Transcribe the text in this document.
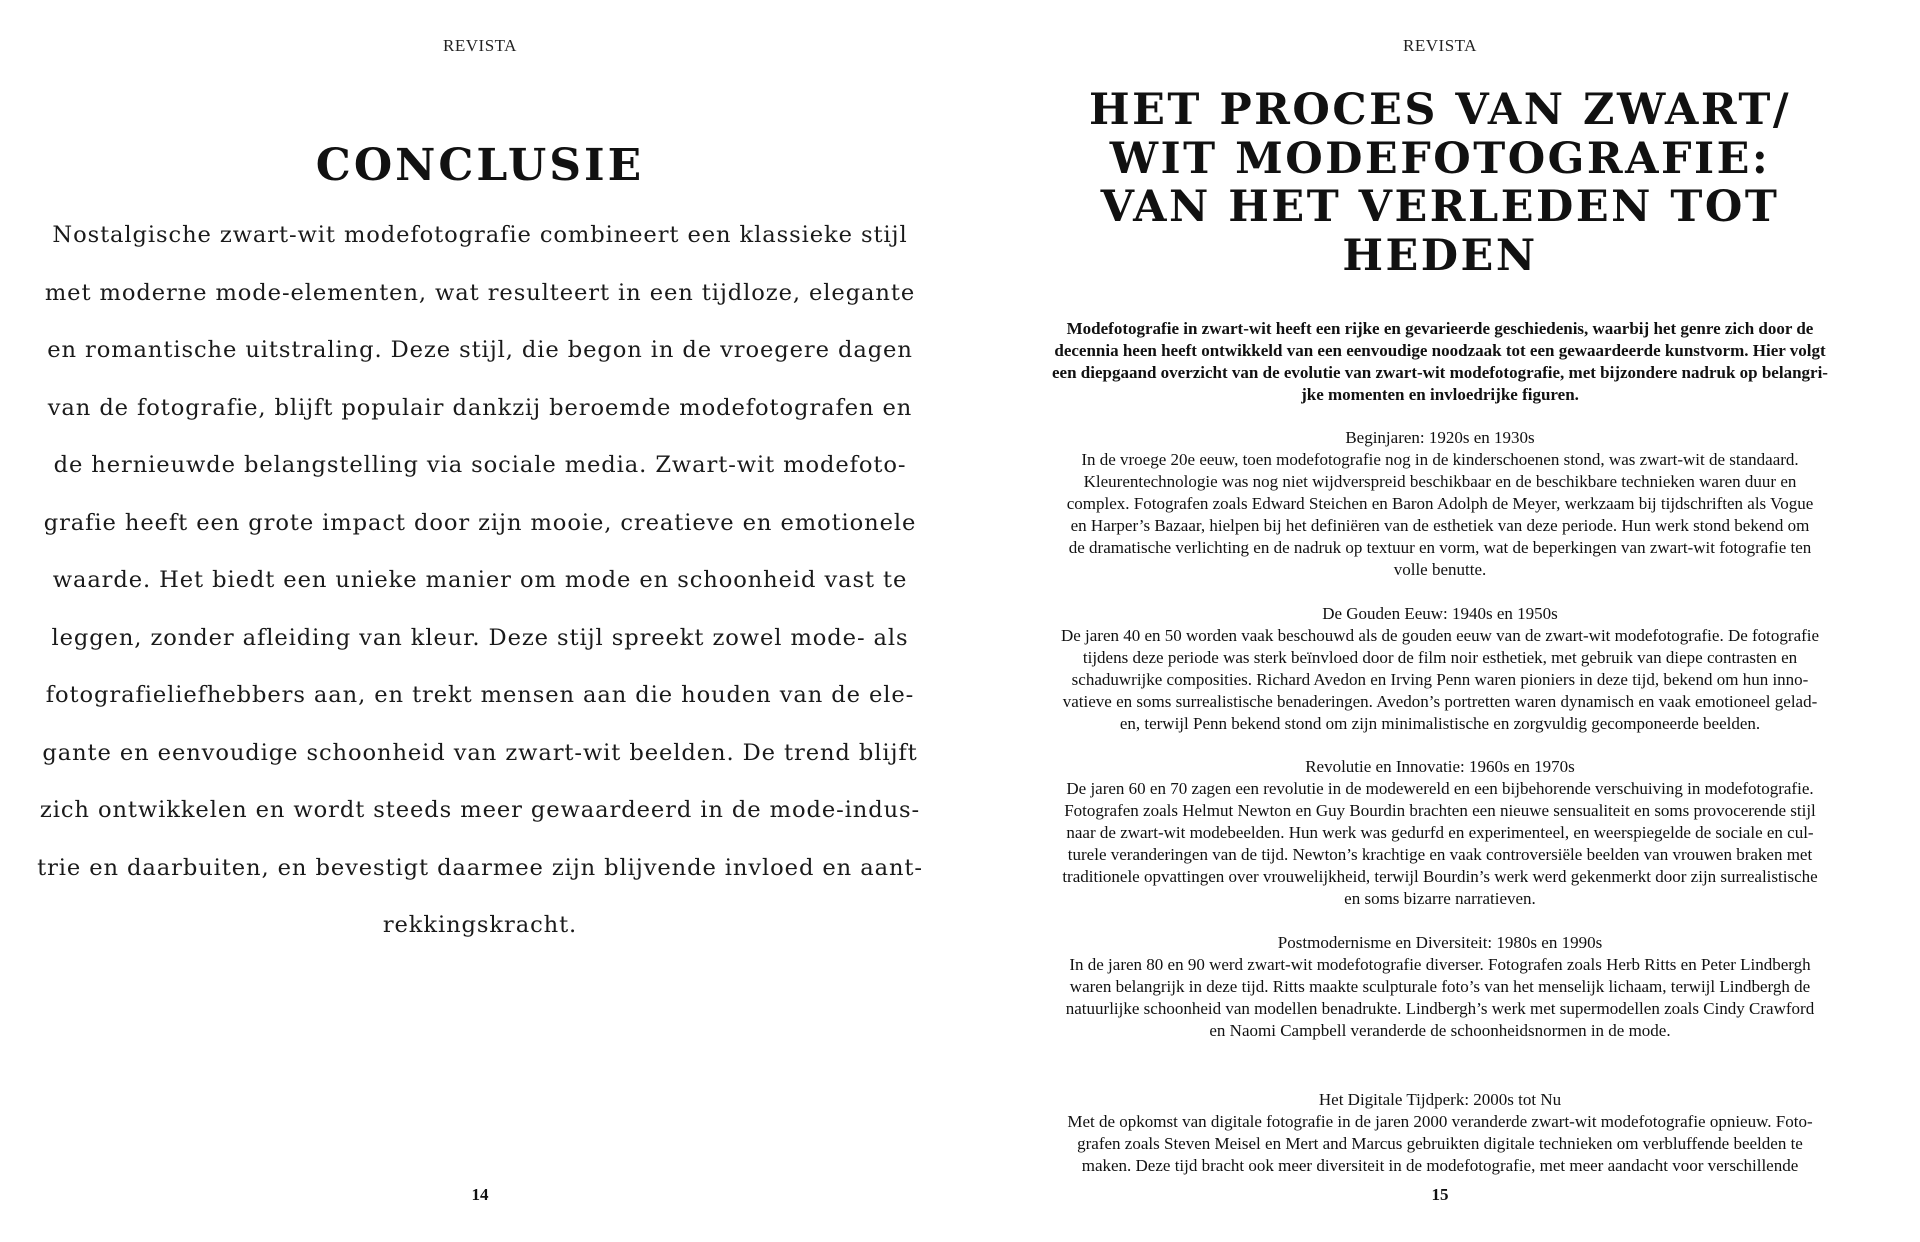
REVISTA
CONCLUSIE
Nostalgische zwart-wit modefotografie combineert een klassieke stijl
met moderne mode-elementen, wat resulteert in een tijdloze, elegante
en romantische uitstraling. Deze stijl, die begon in de vroegere dagen
van de fotografie, blijft populair dankzij beroemde modefotografen en
de hernieuwde belangstelling via sociale media. Zwart-wit modefoto-
grafie heeft een grote impact door zijn mooie, creatieve en emotionele
waarde. Het biedt een unieke manier om mode en schoonheid vast te
leggen, zonder afleiding van kleur. Deze stijl spreekt zowel mode- als
fotografieliefhebbers aan, en trekt mensen aan die houden van de ele-
gante en eenvoudige schoonheid van zwart-wit beelden. De trend blijft
zich ontwikkelen en wordt steeds meer gewaardeerd in de mode-indus-
trie en daarbuiten, en bevestigt daarmee zijn blijvende invloed en aant-
rekkingskracht.
14
REVISTA
HET PROCES VAN ZWART/
WIT MODEFOTOGRAFIE:
VAN HET VERLEDEN TOT
HEDEN
Modefotografie in zwart-wit heeft een rijke en gevarieerde geschiedenis, waarbij het genre zich door de
decennia heen heeft ontwikkeld van een eenvoudige noodzaak tot een gewaardeerde kunstvorm. Hier volgt
een diepgaand overzicht van de evolutie van zwart-wit modefotografie, met bijzondere nadruk op belangri-
jke momenten en invloedrijke figuren.
Beginjaren: 1920s en 1930s
In de vroege 20e eeuw, toen modefotografie nog in de kinderschoenen stond, was zwart-wit de standaard.
Kleurentechnologie was nog niet wijdverspreid beschikbaar en de beschikbare technieken waren duur en
complex. Fotografen zoals Edward Steichen en Baron Adolph de Meyer, werkzaam bij tijdschriften als Vogue
en Harper’s Bazaar, hielpen bij het definiëren van de esthetiek van deze periode. Hun werk stond bekend om
de dramatische verlichting en de nadruk op textuur en vorm, wat de beperkingen van zwart-wit fotografie ten
volle benutte.
De Gouden Eeuw: 1940s en 1950s
De jaren 40 en 50 worden vaak beschouwd als de gouden eeuw van de zwart-wit modefotografie. De fotografie
tijdens deze periode was sterk beïnvloed door de film noir esthetiek, met gebruik van diepe contrasten en
schaduwrijke composities. Richard Avedon en Irving Penn waren pioniers in deze tijd, bekend om hun inno-
vatieve en soms surrealistische benaderingen. Avedon’s portretten waren dynamisch en vaak emotioneel gelad-
en, terwijl Penn bekend stond om zijn minimalistische en zorgvuldig gecomponeerde beelden.
Revolutie en Innovatie: 1960s en 1970s
De jaren 60 en 70 zagen een revolutie in de modewereld en een bijbehorende verschuiving in modefotografie.
Fotografen zoals Helmut Newton en Guy Bourdin brachten een nieuwe sensualiteit en soms provocerende stijl
naar de zwart-wit modebeelden. Hun werk was gedurfd en experimenteel, en weerspiegelde de sociale en cul-
turele veranderingen van de tijd. Newton’s krachtige en vaak controversiële beelden van vrouwen braken met
traditionele opvattingen over vrouwelijkheid, terwijl Bourdin’s werk werd gekenmerkt door zijn surrealistische
en soms bizarre narratieven.
Postmodernisme en Diversiteit: 1980s en 1990s
In de jaren 80 en 90 werd zwart-wit modefotografie diverser. Fotografen zoals Herb Ritts en Peter Lindbergh
waren belangrijk in deze tijd. Ritts maakte sculpturale foto’s van het menselijk lichaam, terwijl Lindbergh de
natuurlijke schoonheid van modellen benadrukte. Lindbergh’s werk met supermodellen zoals Cindy Crawford
en Naomi Campbell veranderde de schoonheidsnormen in de mode.
Het Digitale Tijdperk: 2000s tot Nu
Met de opkomst van digitale fotografie in de jaren 2000 veranderde zwart-wit modefotografie opnieuw. Foto-
grafen zoals Steven Meisel en Mert and Marcus gebruikten digitale technieken om verbluffende beelden te
maken. Deze tijd bracht ook meer diversiteit in de modefotografie, met meer aandacht voor verschillende
15
